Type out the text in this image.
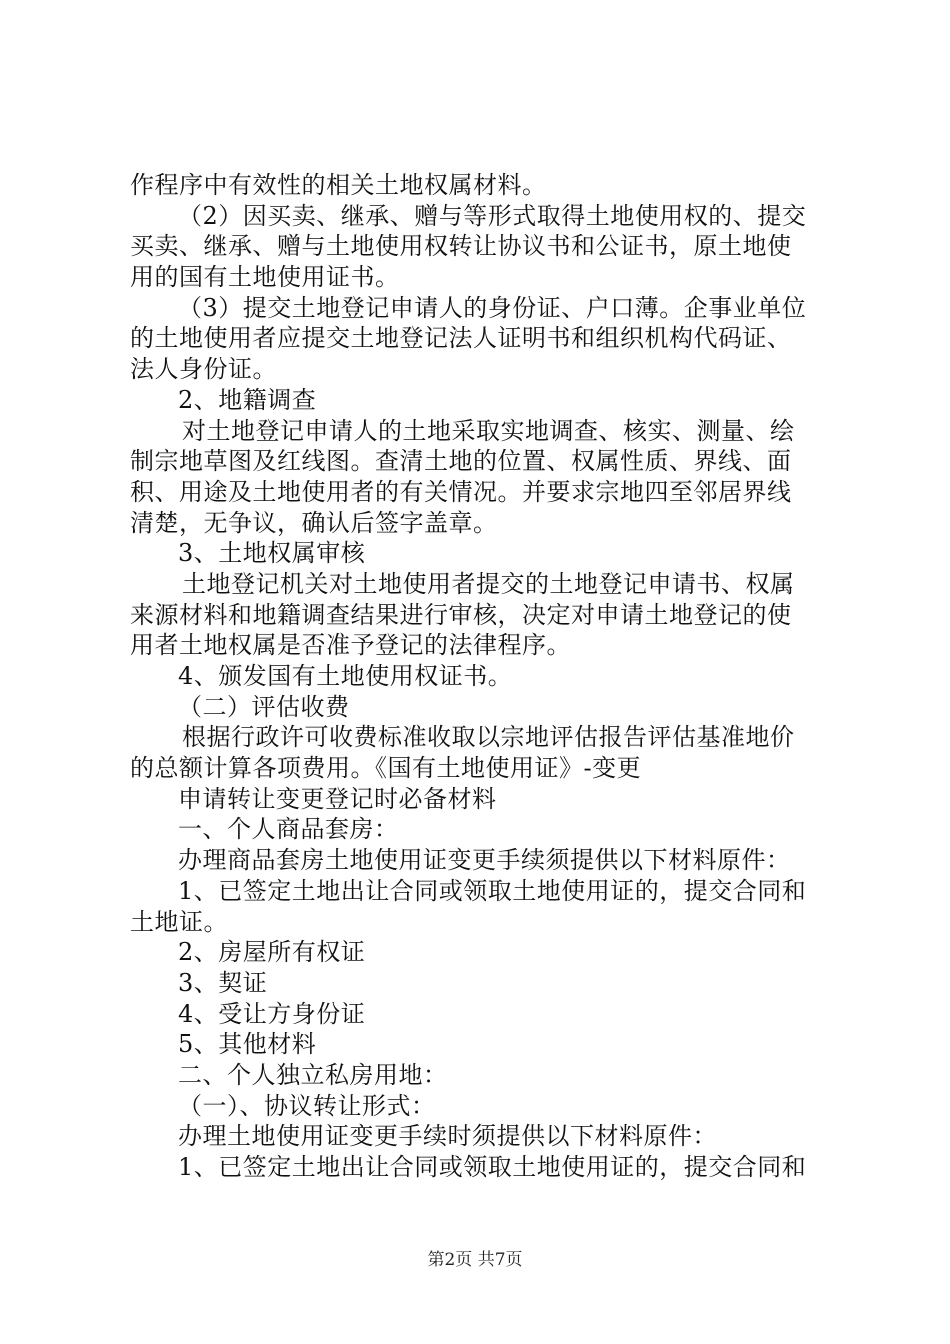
作程序中有效性的相关土地权属材料。
（2）因买卖、继承、赠与等形式取得土地使用权的、提交
买卖、继承、赠与土地使用权转让协议书和公证书，原土地使
用的国有土地使用证书。
（3）提交土地登记申请人的身份证、户口薄。企事业单位
的土地使用者应提交土地登记法人证明书和组织机构代码证、
法人身份证。
2、地籍调查
对土地登记申请人的土地采取实地调查、核实、测量、绘
制宗地草图及红线图。查清土地的位置、权属性质、界线、面
积、用途及土地使用者的有关情况。并要求宗地四至邻居界线
清楚，无争议，确认后签字盖章。
3、土地权属审核
土地登记机关对土地使用者提交的土地登记申请书、权属
来源材料和地籍调查结果进行审核，决定对申请土地登记的使
用者土地权属是否准予登记的法律程序。
4、颁发国有土地使用权证书。
（二）评估收费
根据行政许可收费标准收取以宗地评估报告评估基准地价
的总额计算各项费用。《国有土地使用证》-变更
申请转让变更登记时必备材料
一、个人商品套房：
办理商品套房土地使用证变更手续须提供以下材料原件：
1、已签定土地出让合同或领取土地使用证的，提交合同和
土地证。
2、房屋所有权证
3、契证
4、受让方身份证
5、其他材料
二、个人独立私房用地：
（一）、协议转让形式：
办理土地使用证变更手续时须提供以下材料原件：
1、已签定土地出让合同或领取土地使用证的，提交合同和
第2页 共7页
